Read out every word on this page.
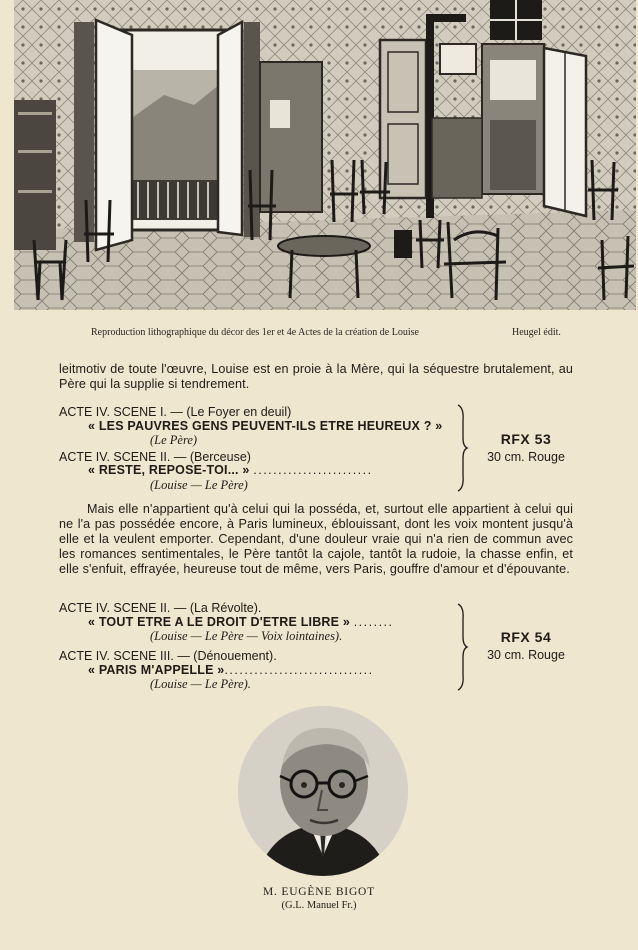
Reproduction lithographique du décor des 1er et 4e Actes de la création de Louise	Heugel édit.

leitmotiv de toute l'œuvre, Louise est en proie à la Mère, qui la séquestre brutalement, au Père qui la supplie si tendrement.

ACTE IV. SCENE I. — (Le Foyer en deuil)
« LES PAUVRES GENS PEUVENT-ILS ETRE HEUREUX ? »
(Le Père)
ACTE IV. SCENE II. — (Berceuse)
« RESTE, REPOSE-TOI... » ........................
(Louise — Le Père)
RFX 53
30 cm. Rouge

Mais elle n'appartient qu'à celui qui la posséda, et, surtout elle appartient à celui qui ne l'a pas possédée encore, à Paris lumineux, éblouissant, dont les voix montent jusqu'à elle et la veulent emporter. Cependant, d'une douleur vraie qui n'a rien de commun avec les romances sentimentales, le Père tantôt la cajole, tantôt la rudoie, la chasse enfin, et elle s'enfuit, effrayée, heureuse tout de même, vers Paris, gouffre d'amour et d'épouvante.

ACTE IV. SCENE II. — (La Révolte).
« TOUT ETRE A LE DROIT D'ETRE LIBRE » ........
(Louise — Le Père — Voix lointaines).
ACTE IV. SCENE III. — (Dénouement).
« PARIS M'APPELLE »..............................
(Louise — Le Père).
RFX 54
30 cm. Rouge
M. EUGÈNE BIGOT
(G.L. Manuel Fr.)
